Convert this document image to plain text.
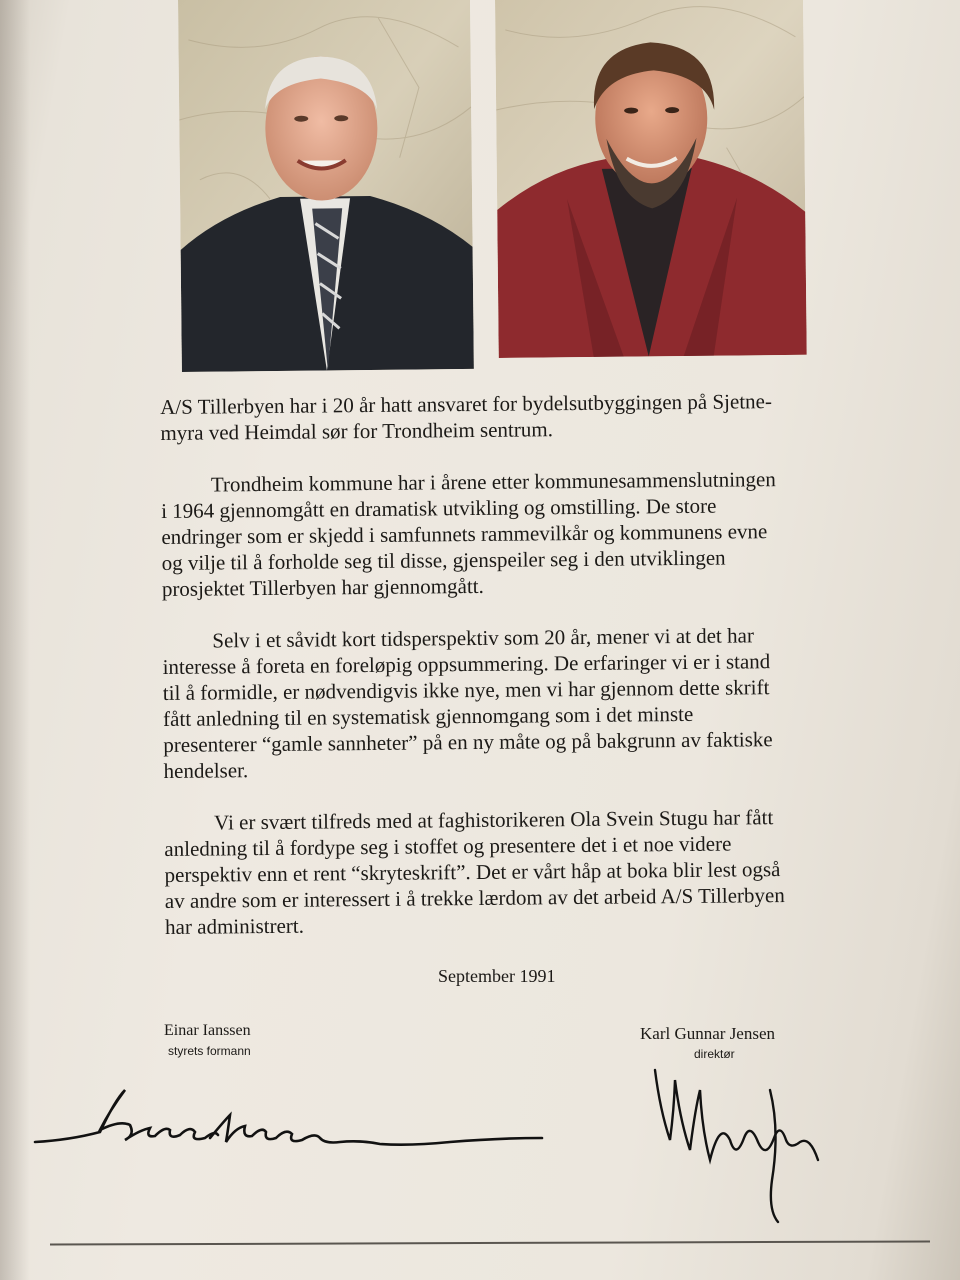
A/S Tillerbyen har i 20 år hatt ansvaret for bydelsutbyggingen på Sjetne-
myra ved Heimdal sør for Trondheim sentrum.

Trondheim kommune har i årene etter kommunesammenslutningen
i 1964 gjennomgått en dramatisk utvikling og omstilling. De store
endringer som er skjedd i samfunnets rammevilkår og kommunens evne
og vilje til å forholde seg til disse, gjenspeiler seg i den utviklingen
prosjektet Tillerbyen har gjennomgått.

Selv i et såvidt kort tidsperspektiv som 20 år, mener vi at det har
interesse å foreta en foreløpig oppsummering. De erfaringer vi er i stand
til å formidle, er nødvendigvis ikke nye, men vi har gjennom dette skrift
fått anledning til en systematisk gjennomgang som i det minste
presenterer “gamle sannheter” på en ny måte og på bakgrunn av faktiske
hendelser.

Vi er svært tilfreds med at faghistorikeren Ola Svein Stugu har fått
anledning til å fordype seg i stoffet og presentere det i et noe videre
perspektiv enn et rent “skryteskrift”. Det er vårt håp at boka blir lest også
av andre som er interessert i å trekke lærdom av det arbeid A/S Tillerbyen
har administrert.

September 1991
Einar Ianssen
styrets formann
Karl Gunnar Jensen
direktør
